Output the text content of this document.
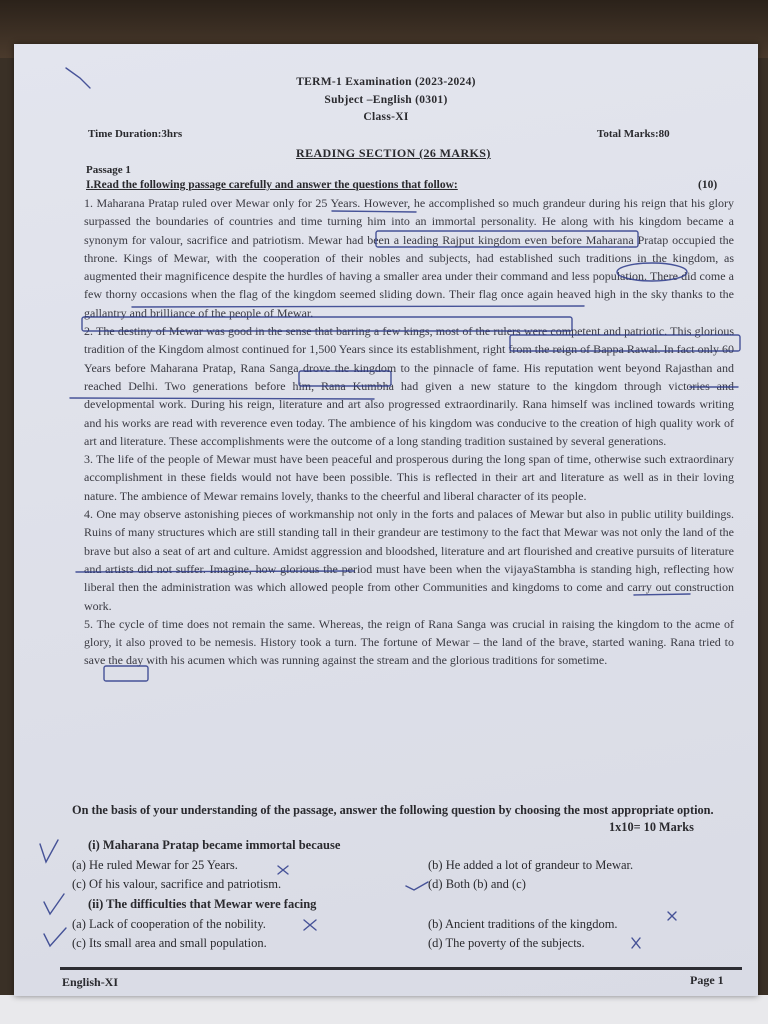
TERM-1 Examination (2023-2024)
Subject –English (0301)
Class-XI
Time Duration:3hrs	Total Marks:80
READING SECTION (26 MARKS)
Passage 1
I.Read the following passage carefully and answer the questions that follow:	(10)

1. Maharana Pratap ruled over Mewar only for 25 Years. However, he accomplished so much grandeur during his reign that his glory surpassed the boundaries of countries and time turning him into an immortal personality. He along with his kingdom became a synonym for valour, sacrifice and patriotism. Mewar had been a leading Rajput kingdom even before Maharana Pratap occupied the throne. Kings of Mewar, with the cooperation of their nobles and subjects, had established such traditions in the kingdom, as augmented their magnificence despite the hurdles of having a smaller area under their command and less population. There did come a few thorny occasions when the flag of the kingdom seemed sliding down. Their flag once again heaved high in the sky thanks to the gallantry and brilliance of the people of Mewar.

2. The destiny of Mewar was good in the sense that barring a few kings, most of the rulers were competent and patriotic. This glorious tradition of the Kingdom almost continued for 1,500 Years since its establishment, right from the reign of Bappa Rawal. In fact only 60 Years before Maharana Pratap, Rana Sanga drove the kingdom to the pinnacle of fame. His reputation went beyond Rajasthan and reached Delhi. Two generations before him, Rana Kumbha had given a new stature to the kingdom through victories and developmental work. During his reign, literature and art also progressed extraordinarily. Rana himself was inclined towards writing and his works are read with reverence even today. The ambience of his kingdom was conducive to the creation of high quality work of art and literature. These accomplishments were the outcome of a long standing tradition sustained by several generations.

3. The life of the people of Mewar must have been peaceful and prosperous during the long span of time, otherwise such extraordinary accomplishment in these fields would not have been possible. This is reflected in their art and literature as well as in their loving nature. The ambience of Mewar remains lovely, thanks to the cheerful and liberal character of its people.

4. One may observe astonishing pieces of workmanship not only in the forts and palaces of Mewar but also in public utility buildings. Ruins of many structures which are still standing tall in their grandeur are testimony to the fact that Mewar was not only the land of the brave but also a seat of art and culture. Amidst aggression and bloodshed, literature and art flourished and creative pursuits of literature and artists did not suffer. Imagine, how glorious the period must have been when the vijayaStambha is standing high, reflecting how liberal then the administration was which allowed people from other Communities and kingdoms to come and carry out construction work.

5. The cycle of time does not remain the same. Whereas, the reign of Rana Sanga was crucial in raising the kingdom to the acme of glory, it also proved to be nemesis. History took a turn. The fortune of Mewar – the land of the brave, started waning. Rana tried to save the day with his acumen which was running against the stream and the glorious traditions for sometime.

On the basis of your understanding of the passage, answer the following question by choosing the most appropriate option.
1x10= 10 Marks
(i) Maharana Pratap became immortal because
(a) He ruled Mewar for 25 Years.	(b) He added a lot of grandeur to Mewar.
(c) Of his valour, sacrifice and patriotism.	(d) Both (b) and (c)
(ii) The difficulties that Mewar were facing
(a) Lack of cooperation of the nobility.	(b) Ancient traditions of the kingdom.
(c) Its small area and small population.	(d) The poverty of the subjects.
English-XI	Page 1
